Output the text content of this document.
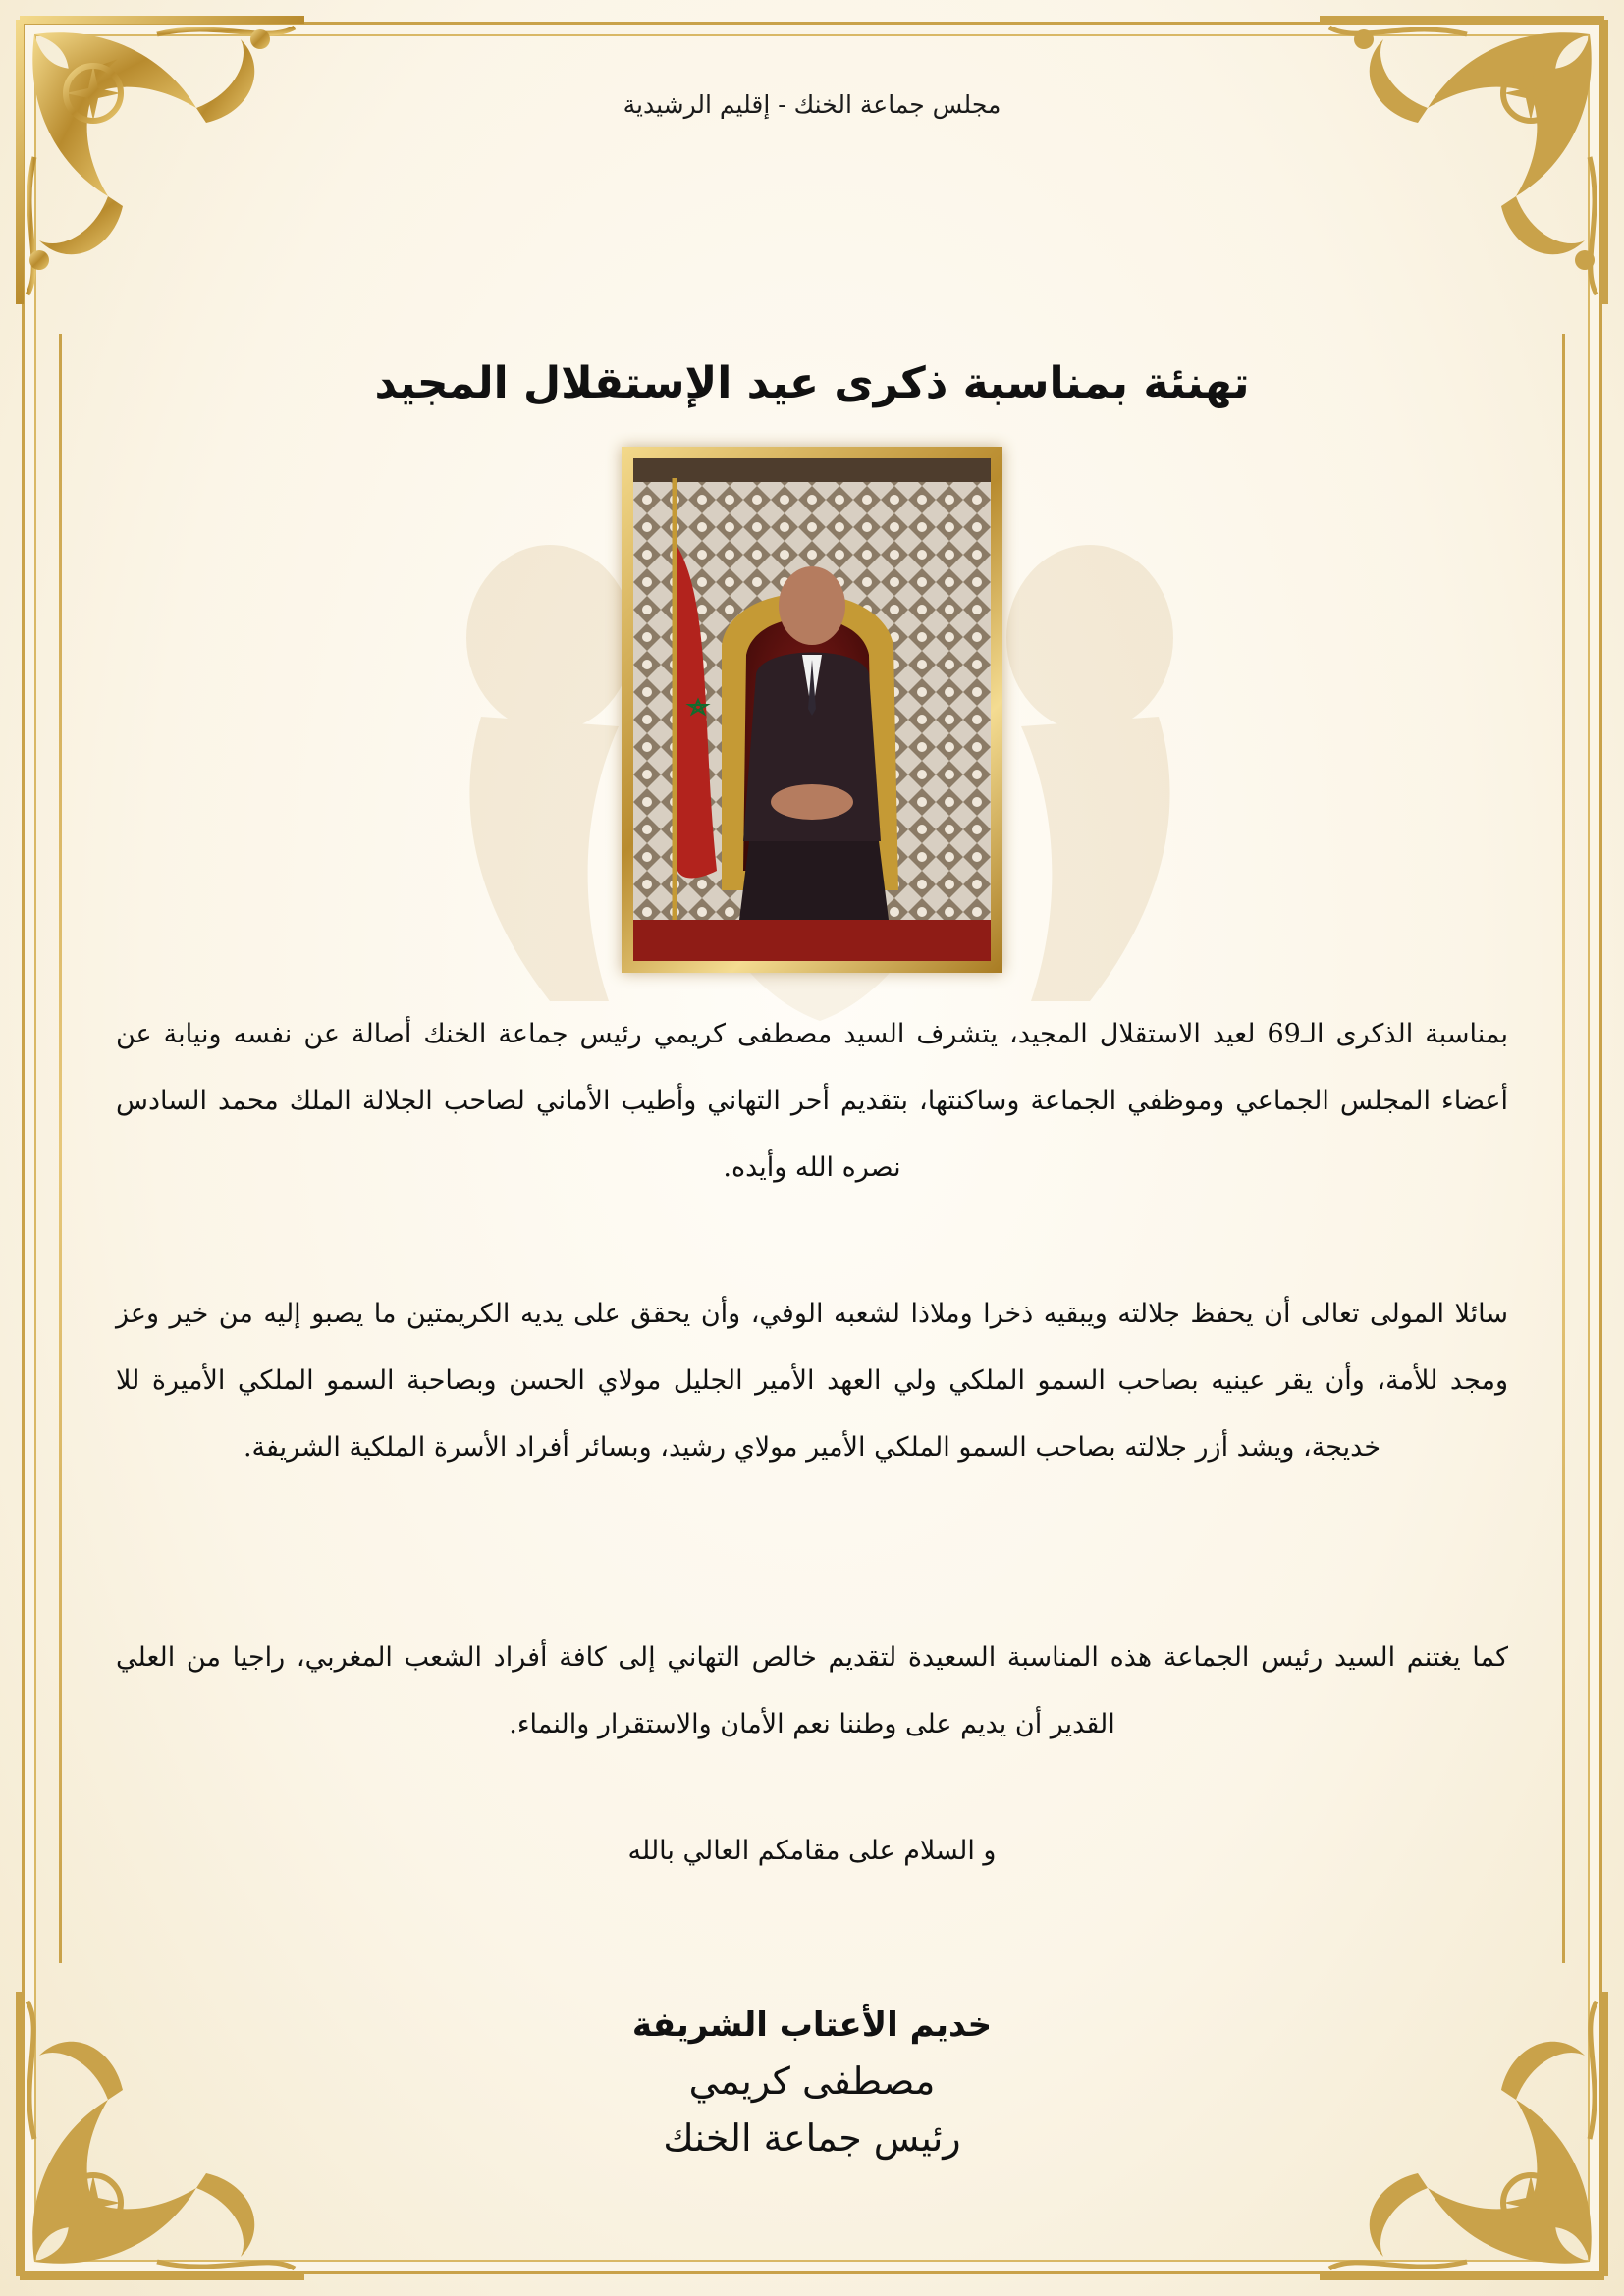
مجلس جماعة الخنك - إقليم الرشيدية
تهنئة بمناسبة ذكرى عيد الإستقلال المجيد
بمناسبة الذكرى الـ69 لعيد الاستقلال المجيد، يتشرف السيد مصطفى كريمي رئيس جماعة الخنك أصالة عن نفسه ونيابة عن أعضاء المجلس الجماعي وموظفي الجماعة وساكنتها، بتقديم أحر التهاني وأطيب الأماني لصاحب الجلالة الملك محمد السادس نصره الله وأيده.
سائلا المولى تعالى أن يحفظ جلالته ويبقيه ذخرا وملاذا لشعبه الوفي، وأن يحقق على يديه الكريمتين ما يصبو إليه من خير وعز ومجد للأمة، وأن يقر عينيه بصاحب السمو الملكي ولي العهد الأمير الجليل مولاي الحسن وبصاحبة السمو الملكي الأميرة للا خديجة، ويشد أزر جلالته بصاحب السمو الملكي الأمير مولاي رشيد، وبسائر أفراد الأسرة الملكية الشريفة.
كما يغتنم السيد رئيس الجماعة هذه المناسبة السعيدة لتقديم خالص التهاني إلى كافة أفراد الشعب المغربي، راجيا من العلي القدير أن يديم على وطننا نعم الأمان والاستقرار والنماء.
و السلام على مقامكم العالي بالله
خديم الأعتاب الشريفة
مصطفى كريمي
رئيس جماعة الخنك
